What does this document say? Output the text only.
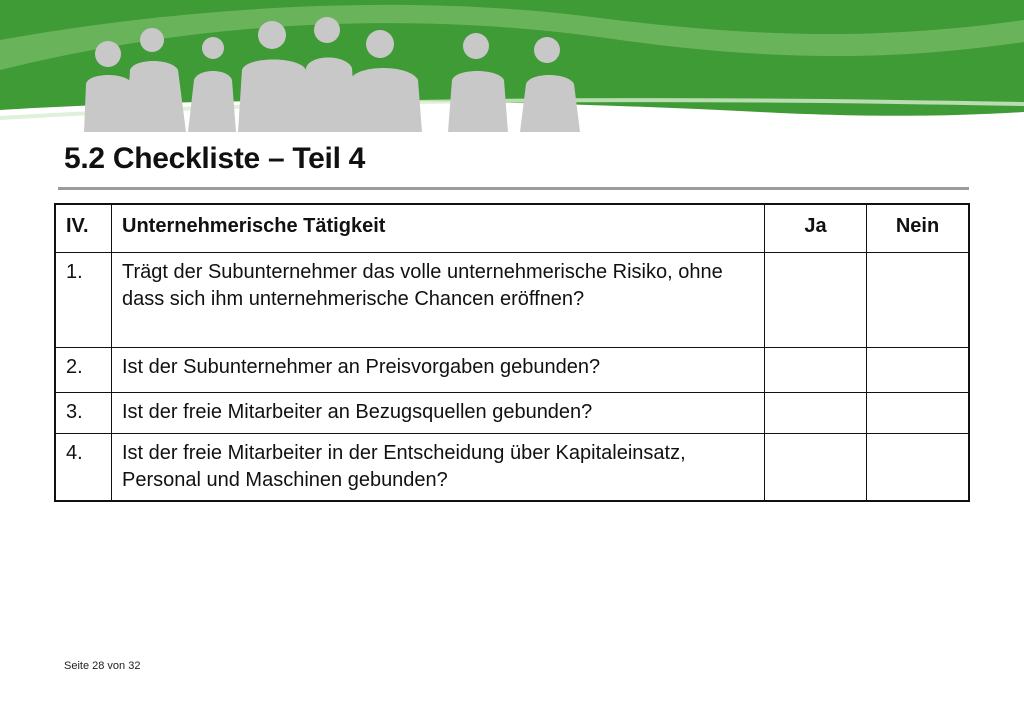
5.2 Checkliste – Teil 4
IV.	Unternehmerische Tätigkeit	Ja	Nein
1.	Trägt der Subunternehmer das volle unternehmerische Risiko, ohne dass sich ihm unternehmerische Chancen eröffnen?		
2.	Ist der Subunternehmer an Preisvorgaben gebunden?		
3.	Ist der freie Mitarbeiter an Bezugsquellen gebunden?		
4.	Ist der freie Mitarbeiter in der Entscheidung über Kapitaleinsatz, Personal und Maschinen gebunden?		
Seite 28 von 32
